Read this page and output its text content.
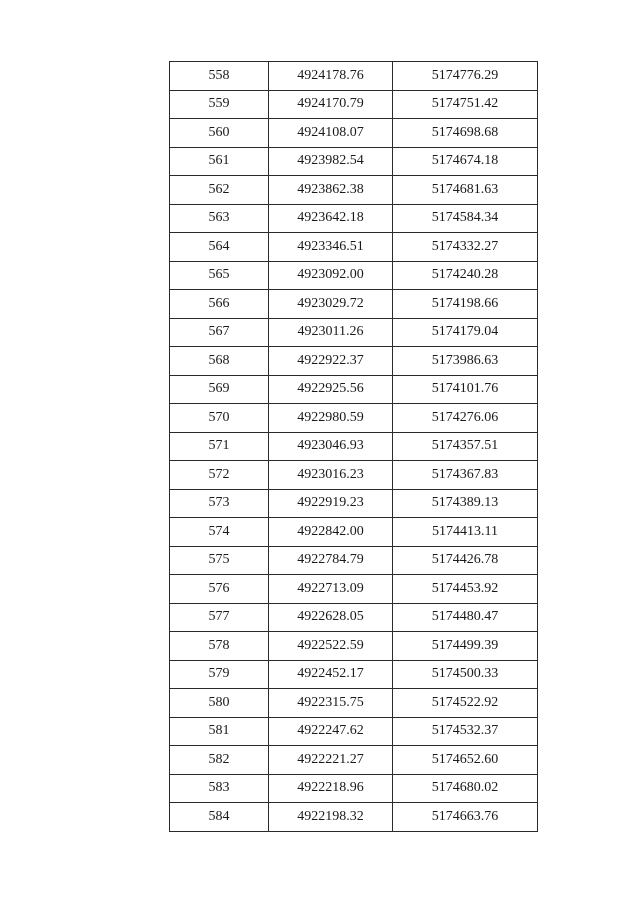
558	4924178.76	5174776.29
559	4924170.79	5174751.42
560	4924108.07	5174698.68
561	4923982.54	5174674.18
562	4923862.38	5174681.63
563	4923642.18	5174584.34
564	4923346.51	5174332.27
565	4923092.00	5174240.28
566	4923029.72	5174198.66
567	4923011.26	5174179.04
568	4922922.37	5173986.63
569	4922925.56	5174101.76
570	4922980.59	5174276.06
571	4923046.93	5174357.51
572	4923016.23	5174367.83
573	4922919.23	5174389.13
574	4922842.00	5174413.11
575	4922784.79	5174426.78
576	4922713.09	5174453.92
577	4922628.05	5174480.47
578	4922522.59	5174499.39
579	4922452.17	5174500.33
580	4922315.75	5174522.92
581	4922247.62	5174532.37
582	4922221.27	5174652.60
583	4922218.96	5174680.02
584	4922198.32	5174663.76
